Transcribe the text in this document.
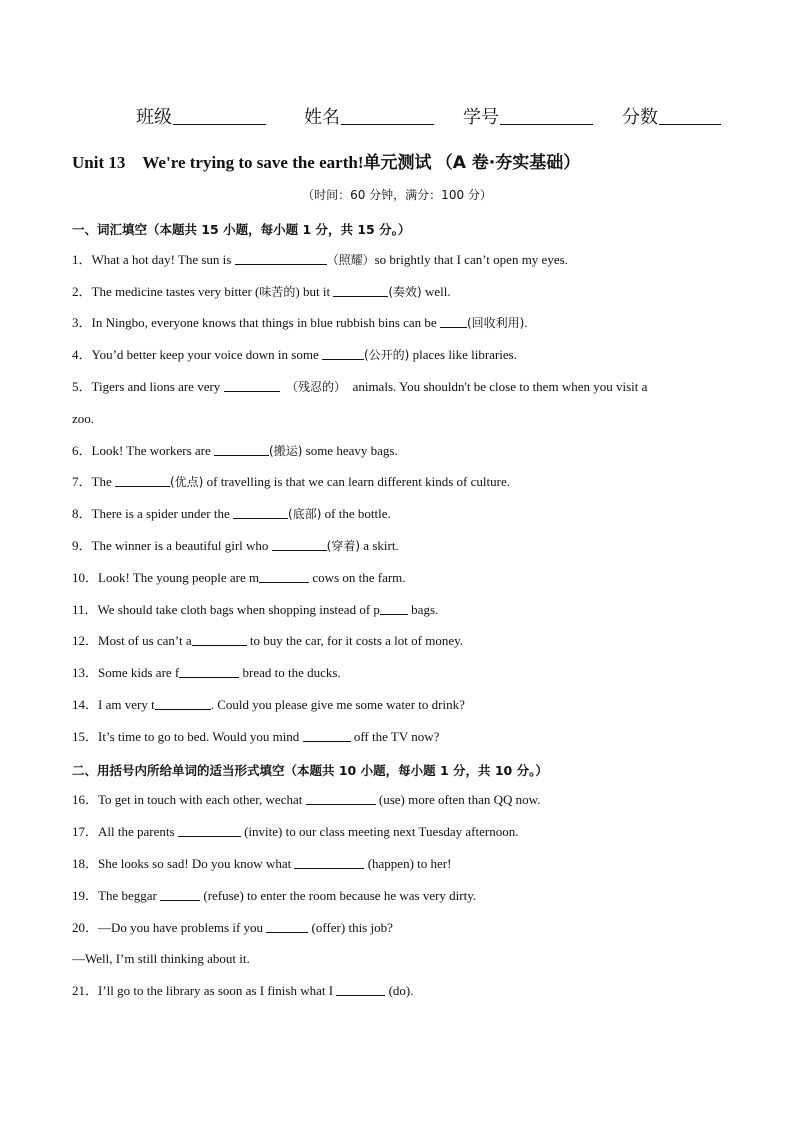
班级	姓名	学号	分数
Unit 13 We're trying to save the earth!单元测试 （A 卷·夯实基础）
（时间：60 分钟，满分：100 分）
一、词汇填空（本题共 15 小题，每小题 1 分，共 15 分。）
1．What a hot day! The sun is	（照耀）so brightly that I can’t open my eyes.
2．The medicine tastes very bitter (味苦的) but it	(奏效) well.
3．In Ningbo, everyone knows that things in blue rubbish bins can be (回收利用).
4．You’d better keep your voice down in some	(公开的) places like libraries.
5．Tigers and lions are very	（残忍的） animals. You shouldn't be close to them when you visit a
zoo.
6．Look! The workers are	(搬运) some heavy bags.
7．The	(优点) of travelling is that we can learn different kinds of culture.
8．There is a spider under the	(底部) of the bottle.
9．The winner is a beautiful girl who	(穿着) a skirt.
10．Look! The young people are m	cows on the farm.
11．We should take cloth bags when shopping instead of p bags.
12．Most of us can’t a	to buy the car, for it costs a lot of money.
13．Some kids are f	bread to the ducks.
14．I am very t	. Could you please give me some water to drink?
15．It’s time to go to bed. Would you mind	off the TV now?
二、用括号内所给单词的适当形式填空（本题共 10 小题，每小题 1 分，共 10 分。）
16．To get in touch with each other, wechat	(use) more often than QQ now.
17．All the parents	(invite) to our class meeting next Tuesday afternoon.
18．She looks so sad! Do you know what	(happen) to her!
19．The beggar	(refuse) to enter the room because he was very dirty.
20．—Do you have problems if you	(offer) this job?
—Well, I’m still thinking about it.
21．I’ll go to the library as soon as I finish what I	(do).
